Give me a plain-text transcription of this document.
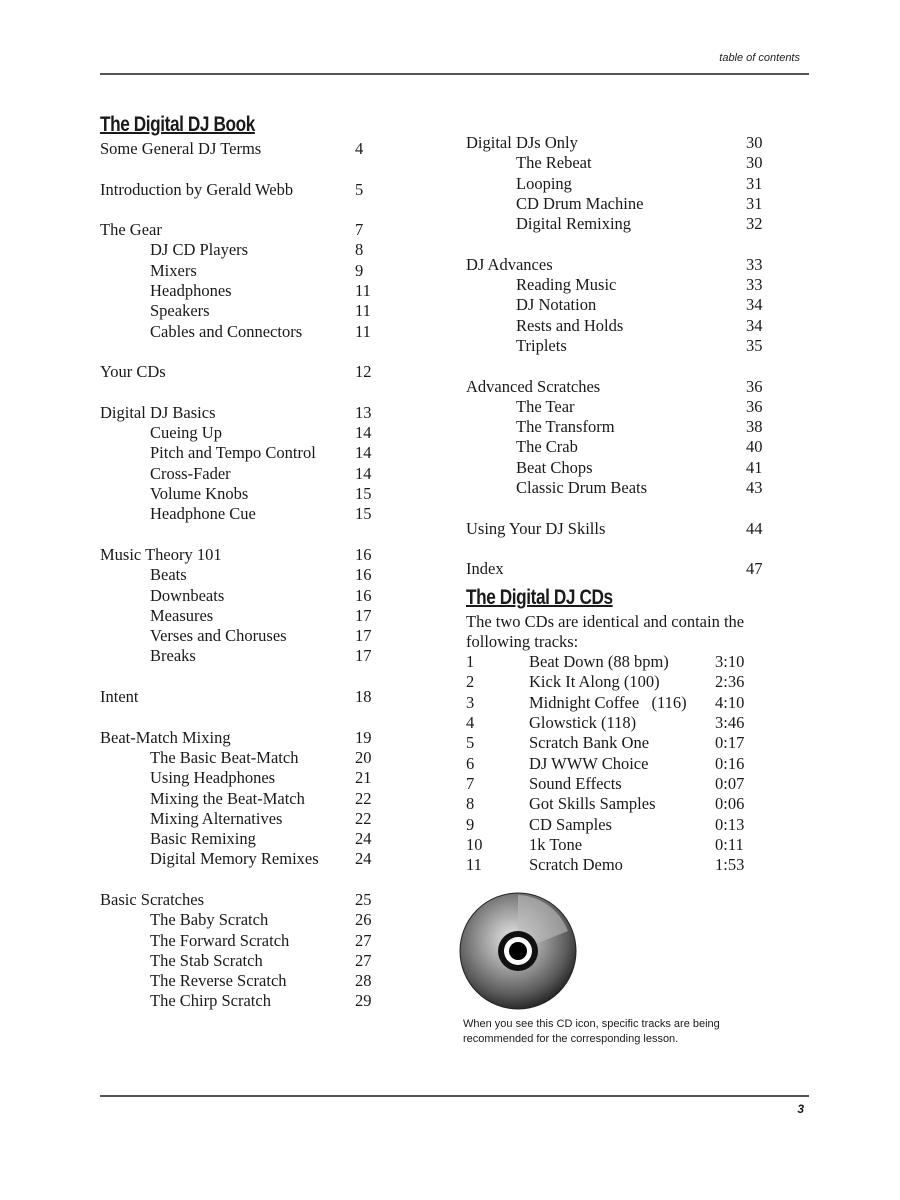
table of contents
The Digital DJ Book
Some General DJ Terms	4
Introduction by Gerald Webb	5
The Gear	7
DJ CD Players	8
Mixers	9
Headphones	11
Speakers	11
Cables and Connectors	11
Your CDs	12
Digital DJ Basics	13
Cueing Up	14
Pitch and Tempo Control 14
Cross-Fader	14
Volume Knobs	15
Headphone Cue	15
Music Theory 101	16
Beats	16
Downbeats	16
Measures	17
Verses and Choruses	17
Breaks	17
Intent	18
Beat-Match Mixing	19
The Basic Beat-Match	20
Using Headphones	21
Mixing the Beat-Match	22
Mixing Alternatives	22
Basic Remixing	24
Digital Memory Remixes 24
Basic Scratches	25
The Baby Scratch	26
The Forward Scratch	27
The Stab Scratch	27
The Reverse Scratch	28
The Chirp Scratch	29
Digital DJs Only	30
The Rebeat	30
Looping	31
CD Drum Machine	31
Digital Remixing	32
DJ Advances	33
Reading Music	33
DJ Notation	34
Rests and Holds	34
Triplets	35
Advanced Scratches	36
The Tear	36
The Transform	38
The Crab	40
Beat Chops	41
Classic Drum Beats	43
Using Your DJ Skills	44
Index	47
The Digital DJ CDs
The two CDs are identical and contain the following tracks:
1	Beat Down (88 bpm)	3:10
2	Kick It Along (100)	2:36
3	Midnight Coffee   (116)	4:10
4	Glowstick (118)	3:46
5	Scratch Bank One	0:17
6	DJ WWW Choice	0:16
7	Sound Effects	0:07
8	Got Skills Samples	0:06
9	CD Samples	0:13
10	1k Tone	0:11
11	Scratch Demo	1:53
When you see this CD icon, specific tracks are being recommended for the corresponding lesson.
3
